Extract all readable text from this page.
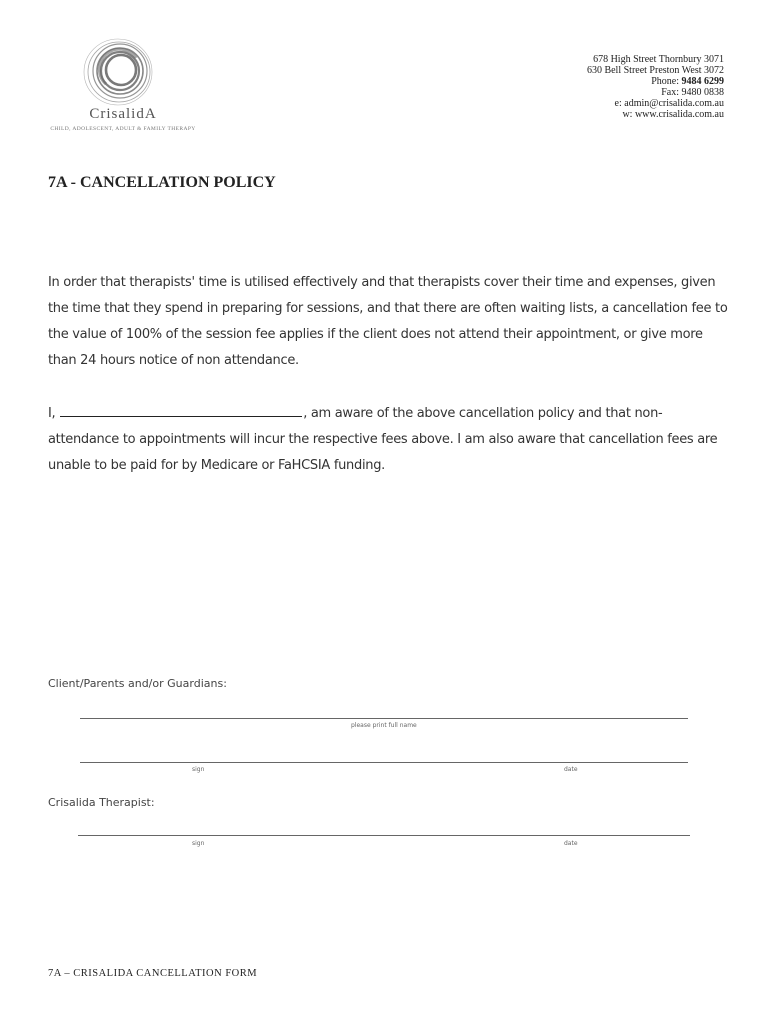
CrisalidA
CHILD, ADOLESCENT, ADULT & FAMILY THERAPY
678 High Street Thornbury 3071
630 Bell Street Preston West 3072
Phone: 9484 6299
Fax: 9480 0838
e: admin@crisalida.com.au
w: www.crisalida.com.au
7A - CANCELLATION POLICY
In order that therapists' time is utilised effectively and that therapists cover their time and expenses, given the time that they spend in preparing for sessions, and that there are often waiting lists, a cancellation fee to the value of 100% of the session fee applies if the client does not attend their appointment, or give more than 24 hours notice of non attendance.
I,	, am aware of the above cancellation policy and that non-attendance to appointments will incur the respective fees above. I am also aware that cancellation fees are unable to be paid for by Medicare or FaHCSIA funding.
Client/Parents and/or Guardians:
please print full name
sign	date
Crisalida Therapist:
sign	date
7A – CRISALIDA CANCELLATION FORM
